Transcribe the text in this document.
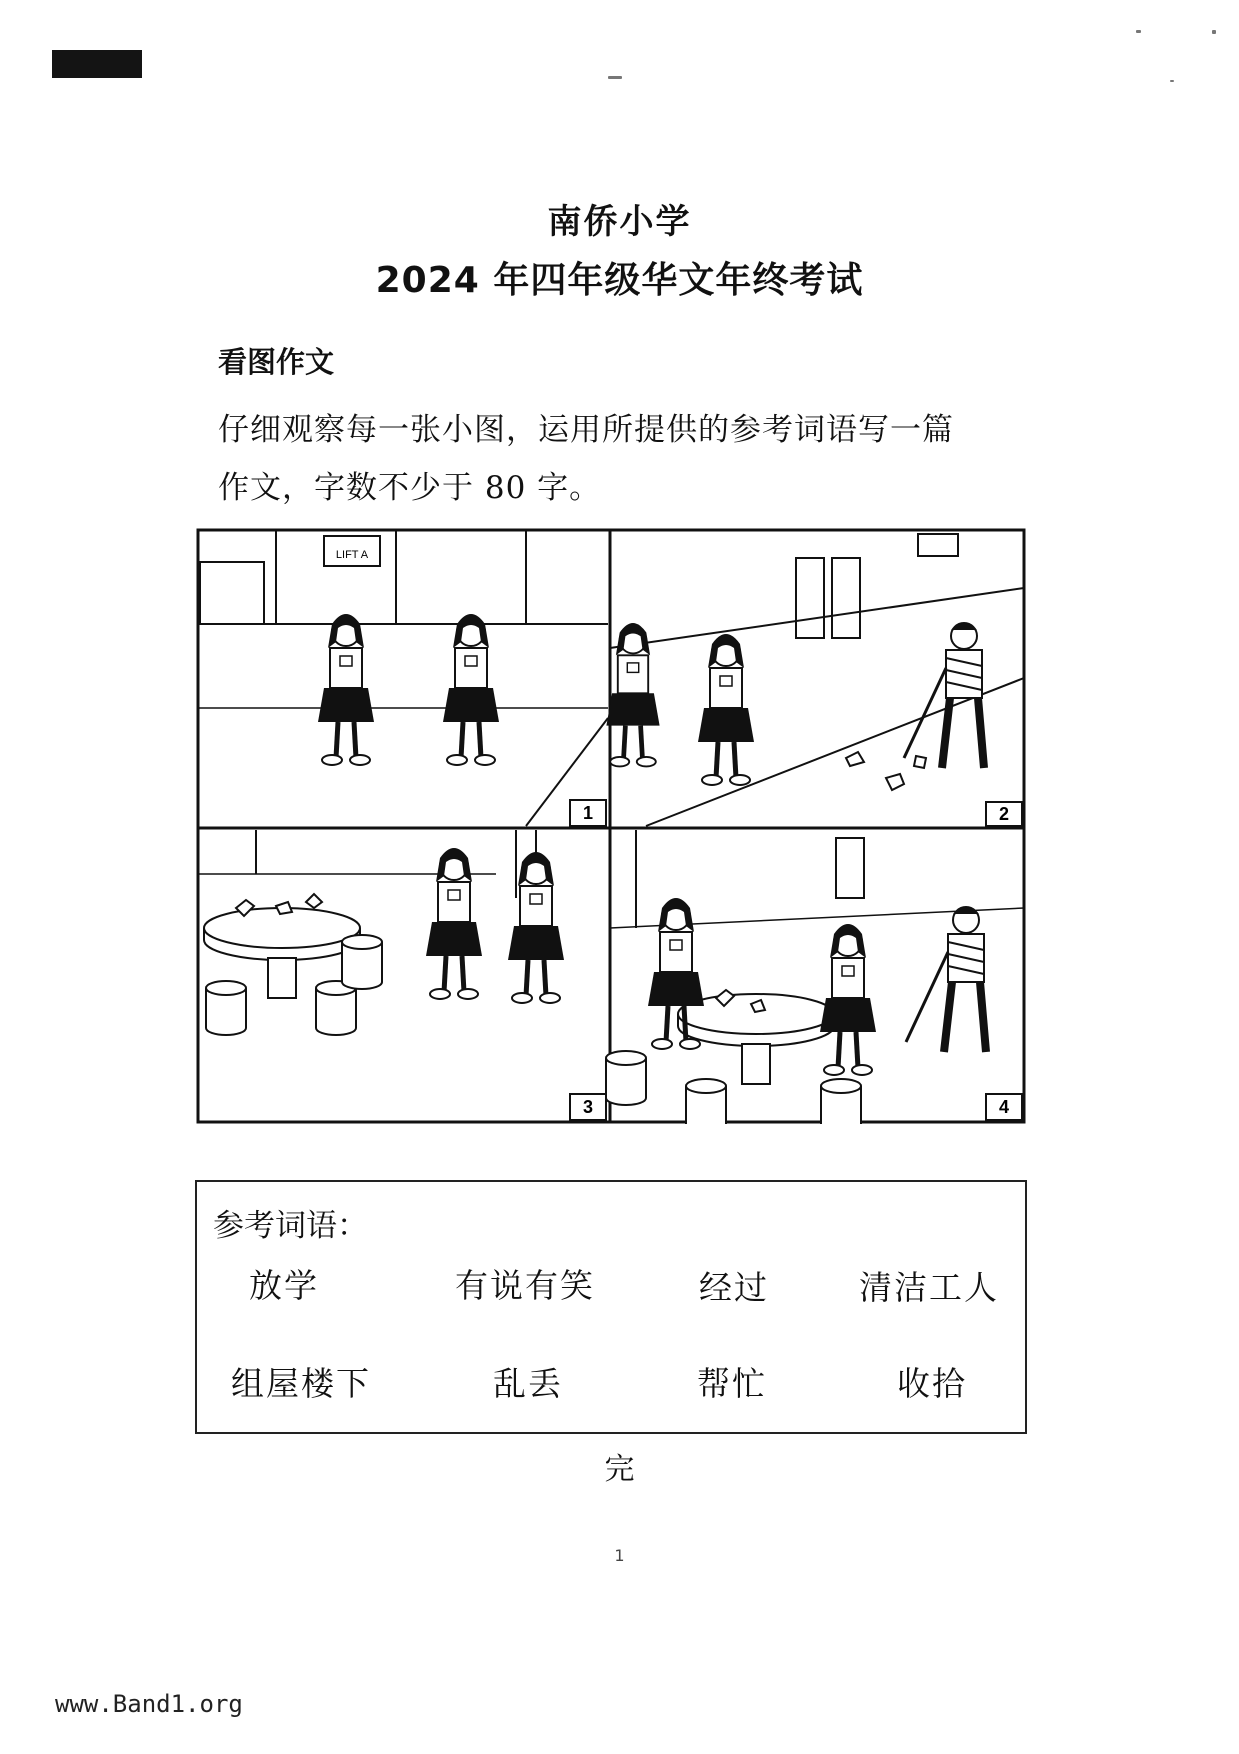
南侨小学
2024 年四年级华文年终考试
看图作文
仔细观察每一张小图，运用所提供的参考词语写一篇
作文，字数不少于 80 字。
LIFT A
1	2
3	4
参考词语：
放学	有说有笑	经过	清洁工人
组屋楼下	乱丢	帮忙	收拾
完
1
www.Band1.org
